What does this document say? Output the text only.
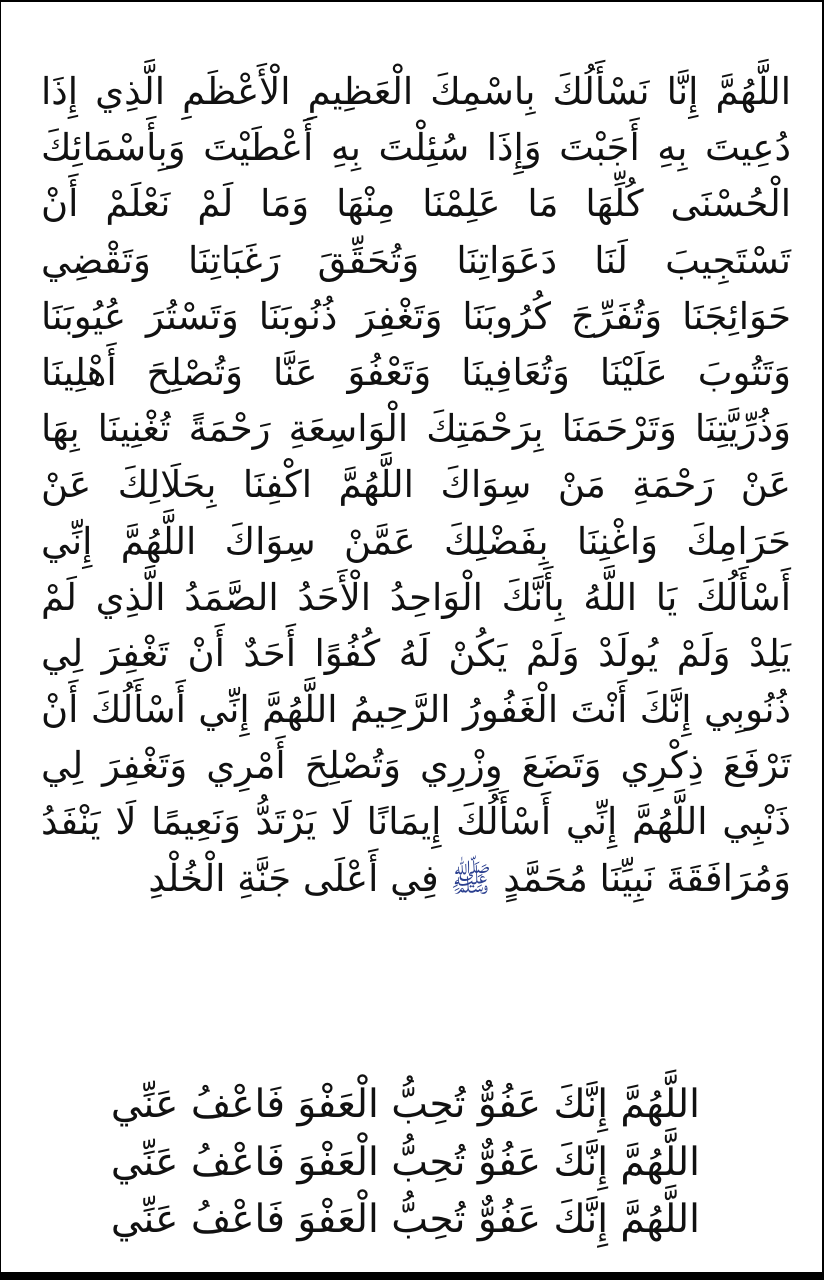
اللَّهُمَّ إِنَّا نَسْأَلُكَ بِاسْمِكَ الْعَظِيمِ الْأَعْظَمِ الَّذِي إِذَا
دُعِيتَ بِهِ أَجَبْتَ وَإِذَا سُئِلْتَ بِهِ أَعْطَيْتَ وَبِأَسْمَائِكَ
الْحُسْنَى كُلِّهَا مَا عَلِمْنَا مِنْهَا وَمَا لَمْ نَعْلَمْ أَنْ
تَسْتَجِيبَ لَنَا دَعَوَاتِنَا وَتُحَقِّقَ رَغَبَاتِنَا وَتَقْضِي
حَوَائِجَنَا وَتُفَرِّجَ كُرُوبَنَا وَتَغْفِرَ ذُنُوبَنَا وَتَسْتُرَ عُيُوبَنَا
وَتَتُوبَ عَلَيْنَا وَتُعَافِينَا وَتَعْفُوَ عَنَّا وَتُصْلِحَ أَهْلِينَا
وَذُرِّيَّتِنَا وَتَرْحَمَنَا بِرَحْمَتِكَ الْوَاسِعَةِ رَحْمَةً تُغْنِينَا بِهَا
عَنْ رَحْمَةِ مَنْ سِوَاكَ اللَّهُمَّ اكْفِنَا بِحَلَالِكَ عَنْ
حَرَامِكَ وَاغْنِنَا بِفَضْلِكَ عَمَّنْ سِوَاكَ اللَّهُمَّ إِنِّي
أَسْأَلُكَ يَا اللَّهُ بِأَنَّكَ الْوَاحِدُ الْأَحَدُ الصَّمَدُ الَّذِي لَمْ
يَلِدْ وَلَمْ يُولَدْ وَلَمْ يَكُنْ لَهُ كُفُوًا أَحَدٌ أَنْ تَغْفِرَ لِي
ذُنُوبِي إِنَّكَ أَنْتَ الْغَفُورُ الرَّحِيمُ اللَّهُمَّ إِنِّي أَسْأَلُكَ أَنْ
تَرْفَعَ ذِكْرِي وَتَضَعَ وِزْرِي وَتُصْلِحَ أَمْرِي وَتَغْفِرَ لِي
ذَنْبِي اللَّهُمَّ إِنِّي أَسْأَلُكَ إِيمَانًا لَا يَرْتَدُّ وَنَعِيمًا لَا يَنْفَدُ
وَمُرَافَقَةَ نَبِيِّنَا مُحَمَّدٍ ﷺ فِي أَعْلَى جَنَّةِ الْخُلْدِ
اللَّهُمَّ إِنَّكَ عَفُوٌّ تُحِبُّ الْعَفْوَ فَاعْفُ عَنِّي
اللَّهُمَّ إِنَّكَ عَفُوٌّ تُحِبُّ الْعَفْوَ فَاعْفُ عَنِّي
اللَّهُمَّ إِنَّكَ عَفُوٌّ تُحِبُّ الْعَفْوَ فَاعْفُ عَنِّي
